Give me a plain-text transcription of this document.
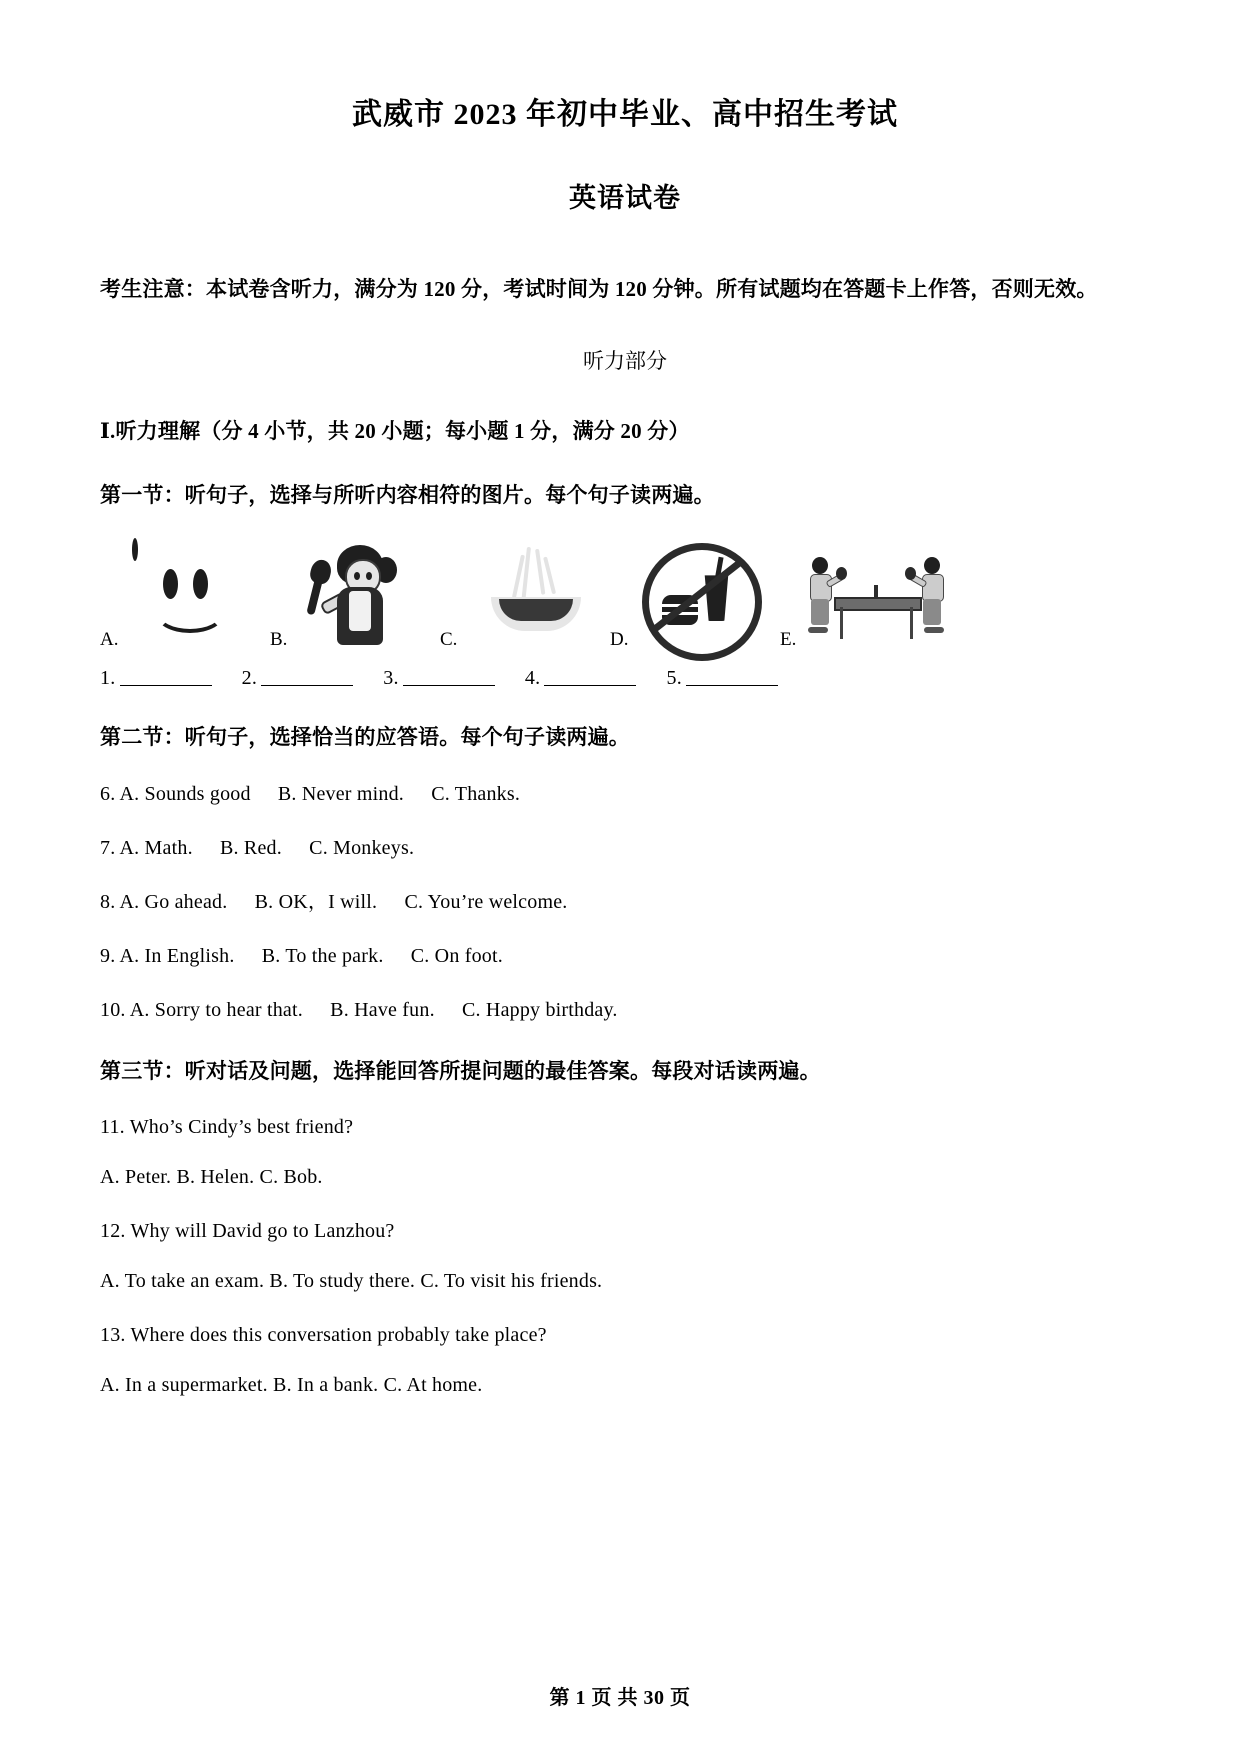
武威市 2023 年初中毕业、高中招生考试
英语试卷

考生注意：本试卷含听力，满分为 120 分，考试时间为 120 分钟。所有试题均在答题卡上作答，否则无效。

听力部分

Ⅰ.听力理解（分 4 小节，共 20 小题；每小题 1 分，满分 20 分）

第一节：听句子，选择与所听内容相符的图片。每个句子读两遍。

A.	B.	C.	D.	E.
1.	2.	3.	4.	5.

第二节：听句子，选择恰当的应答语。每个句子读两遍。

6. A. Sounds good B. Never mind. C. Thanks.

7. A. Math. B. Red. C. Monkeys.

8. A. Go ahead. B. OK，I will. C. You’re welcome.

9. A. In English. B. To the park. C. On foot.

10. A. Sorry to hear that. B. Have fun. C. Happy birthday.

第三节：听对话及问题，选择能回答所提问题的最佳答案。每段对话读两遍。

11. Who’s Cindy’s best friend?

A. Peter. B. Helen. C. Bob.

12. Why will David go to Lanzhou?

A. To take an exam. B. To study there. C. To visit his friends.

13. Where does this conversation probably take place?

A. In a supermarket. B. In a bank. C. At home.

第 1 页 共 30 页
